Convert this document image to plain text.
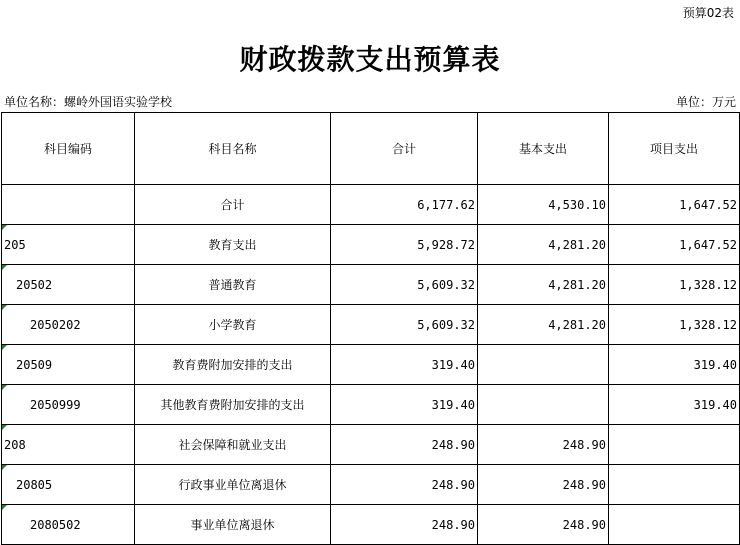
预算02表
财政拨款支出预算表
单位名称：螺岭外国语实验学校	单位：万元
科目编码	科目名称	合计	基本支出	项目支出
	合计	6,177.62	4,530.10	1,647.52

205	教育支出	5,928.72	4,281.20	1,647.52

20502	普通教育	5,609.32	4,281.20	1,328.12

2050202	小学教育	5,609.32	4,281.20	1,328.12

20509	教育费附加安排的支出	319.40		319.40

2050999	其他教育费附加安排的支出	319.40		319.40

208	社会保障和就业支出	248.90	248.90	

20805	行政事业单位离退休	248.90	248.90	

2080502	事业单位离退休	248.90	248.90	
